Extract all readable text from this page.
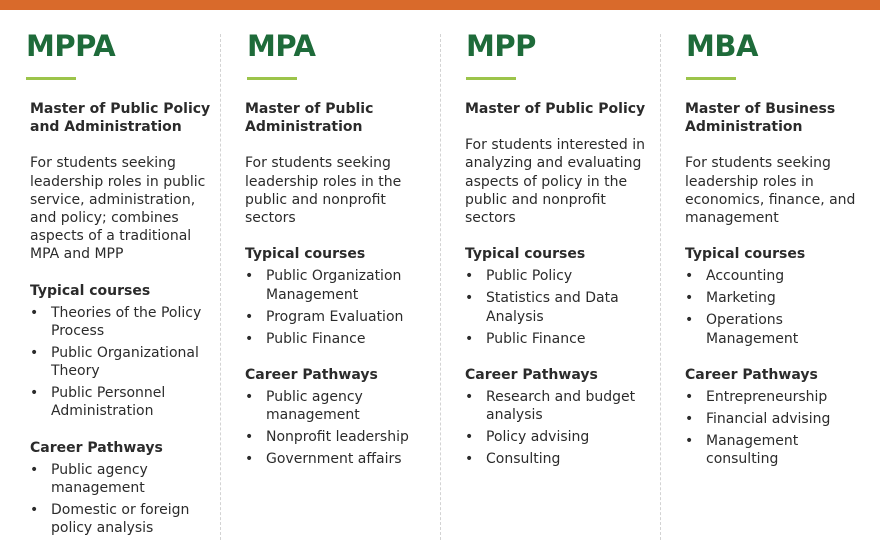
MPPA

Master of Public Policy and Administration

For students seeking leadership roles in public service, administration, and policy; combines aspects of a traditional MPA and MPP

Typical courses

• Theories of the Policy Process
• Public Organizational Theory
• Public Personnel Administration

Career Pathways

• Public agency management
• Domestic or foreign policy analysis
MPA

Master of Public Administration

For students seeking leadership roles in the public and nonprofit sectors

Typical courses

• Public Organization Management
• Program Evaluation
• Public Finance

Career Pathways

• Public agency management
• Nonprofit leadership
• Government affairs
MPP

Master of Public Policy

For students interested in analyzing and evaluating aspects of policy in the public and nonprofit sectors

Typical courses

• Public Policy
• Statistics and Data Analysis
• Public Finance

Career Pathways

• Research and budget analysis
• Policy advising
• Consulting
MBA

Master of Business Administration

For students seeking leadership roles in economics, finance, and management

Typical courses

• Accounting
• Marketing
• Operations Management

Career Pathways

• Entrepreneurship
• Financial advising
• Management consulting
